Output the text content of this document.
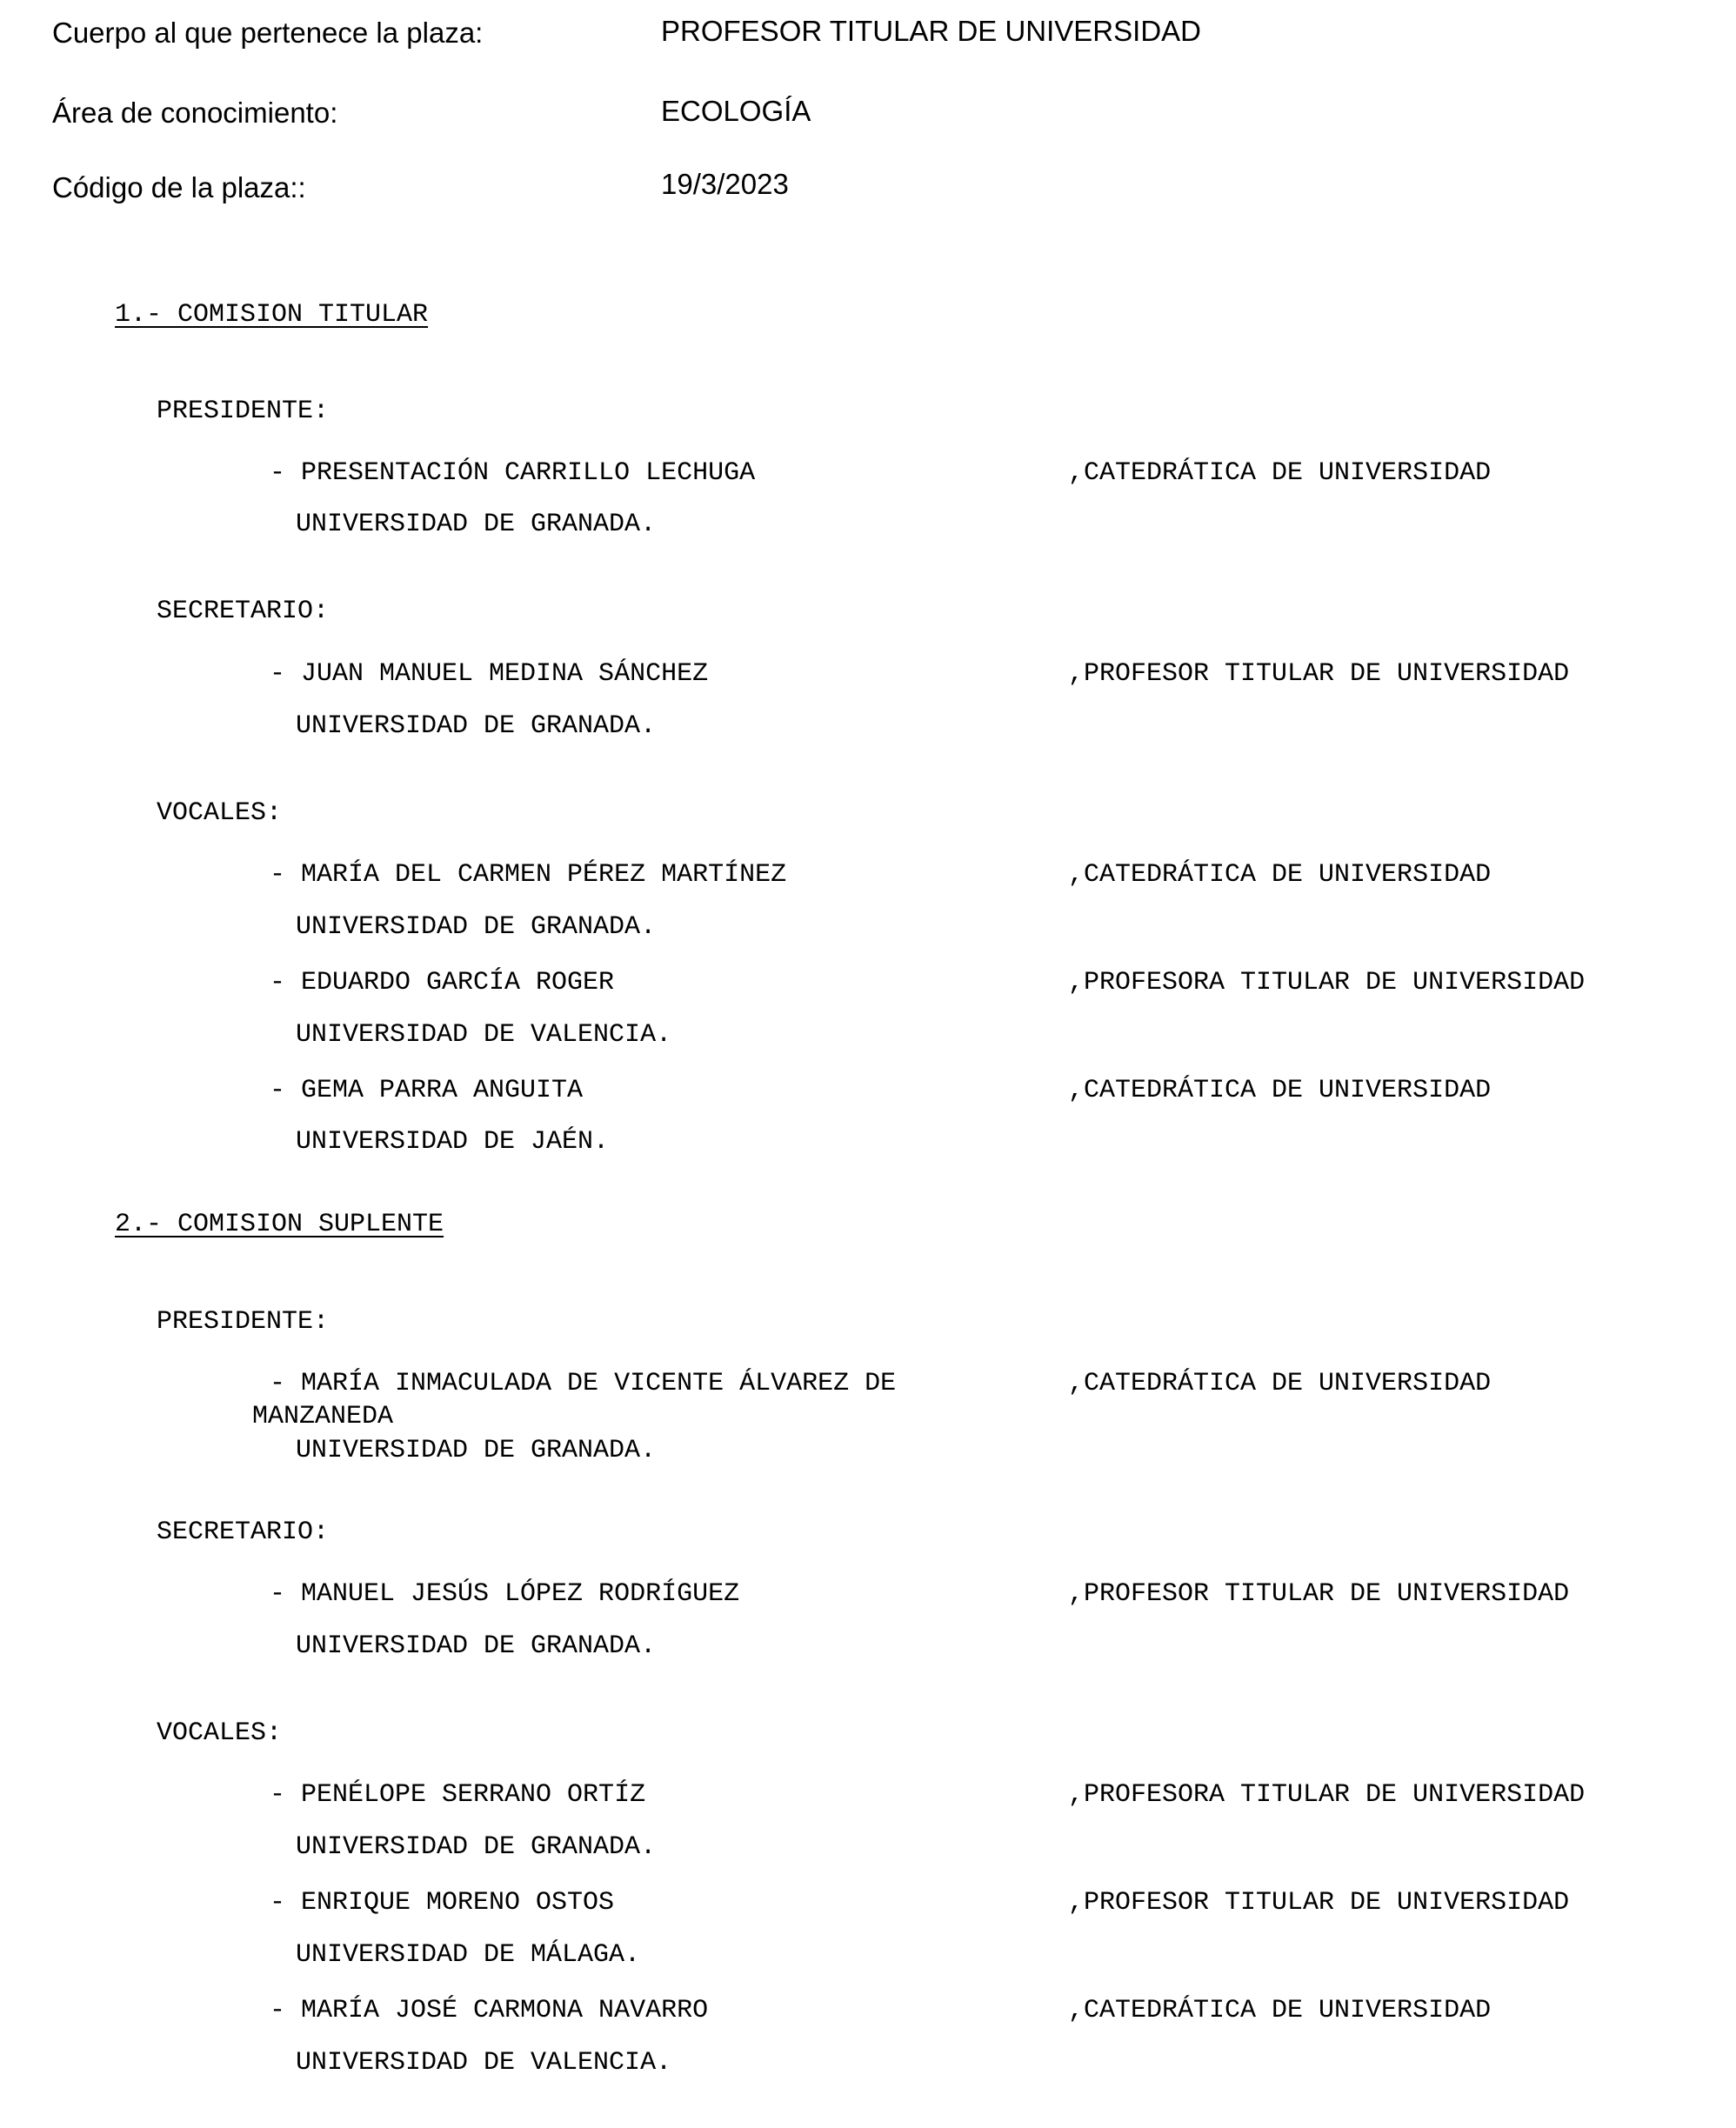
Cuerpo al que pertenece la plaza:	PROFESOR TITULAR DE UNIVERSIDAD
Área de conocimiento:	ECOLOGÍA
Código de la plaza::	19/3/2023
1.- COMISION TITULAR
PRESIDENTE:
- PRESENTACIÓN CARRILLO LECHUGA	,CATEDRÁTICA DE UNIVERSIDAD
UNIVERSIDAD DE GRANADA.
SECRETARIO:
- JUAN MANUEL MEDINA SÁNCHEZ	,PROFESOR TITULAR DE UNIVERSIDAD
UNIVERSIDAD DE GRANADA.
VOCALES:
- MARÍA DEL CARMEN PÉREZ MARTÍNEZ	,CATEDRÁTICA DE UNIVERSIDAD
UNIVERSIDAD DE GRANADA.
- EDUARDO GARCÍA ROGER	,PROFESORA TITULAR DE UNIVERSIDAD
UNIVERSIDAD DE VALENCIA.
- GEMA PARRA ANGUITA	,CATEDRÁTICA DE UNIVERSIDAD
UNIVERSIDAD DE JAÉN.
2.- COMISION SUPLENTE
PRESIDENTE:
- MARÍA INMACULADA DE VICENTE ÁLVAREZ DE MANZANEDA
,CATEDRÁTICA DE UNIVERSIDAD
UNIVERSIDAD DE GRANADA.
SECRETARIO:
- MANUEL JESÚS LÓPEZ RODRÍGUEZ	,PROFESOR TITULAR DE UNIVERSIDAD
UNIVERSIDAD DE GRANADA.
VOCALES:
- PENÉLOPE SERRANO ORTÍZ	,PROFESORA TITULAR DE UNIVERSIDAD
UNIVERSIDAD DE GRANADA.
- ENRIQUE MORENO OSTOS	,PROFESOR TITULAR DE UNIVERSIDAD
UNIVERSIDAD DE MÁLAGA.
- MARÍA JOSÉ CARMONA NAVARRO	,CATEDRÁTICA DE UNIVERSIDAD
UNIVERSIDAD DE VALENCIA.
